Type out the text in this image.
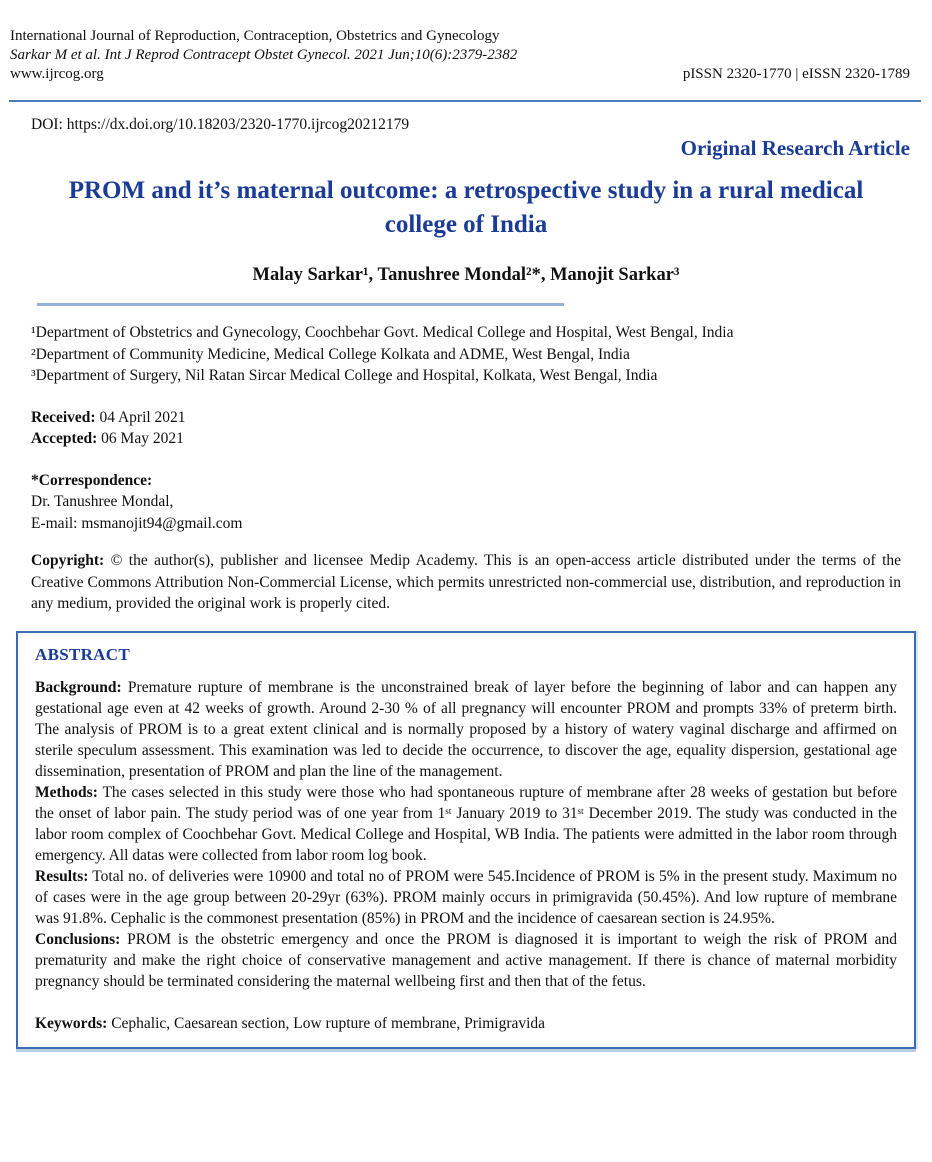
International Journal of Reproduction, Contraception, Obstetrics and Gynecology
Sarkar M et al. Int J Reprod Contracept Obstet Gynecol. 2021 Jun;10(6):2379-2382
www.ijrcog.org	pISSN 2320-1770 | eISSN 2320-1789
DOI: https://dx.doi.org/10.18203/2320-1770.ijrcog20212179
Original Research Article
PROM and it’s maternal outcome: a retrospective study in a rural medical college of India
Malay Sarkar¹, Tanushree Mondal²*, Manojit Sarkar³
¹Department of Obstetrics and Gynecology, Coochbehar Govt. Medical College and Hospital, West Bengal, India
²Department of Community Medicine, Medical College Kolkata and ADME, West Bengal, India
³Department of Surgery, Nil Ratan Sircar Medical College and Hospital, Kolkata, West Bengal, India
Received: 04 April 2021
Accepted: 06 May 2021
*Correspondence:
Dr. Tanushree Mondal,
E-mail: msmanojit94@gmail.com

Copyright: © the author(s), publisher and licensee Medip Academy. This is an open-access article distributed under the terms of the Creative Commons Attribution Non-Commercial License, which permits unrestricted non-commercial use, distribution, and reproduction in any medium, provided the original work is properly cited.

ABSTRACT

Background: Premature rupture of membrane is the unconstrained break of layer before the beginning of labor and can happen any gestational age even at 42 weeks of growth. Around 2-30 % of all pregnancy will encounter PROM and prompts 33% of preterm birth. The analysis of PROM is to a great extent clinical and is normally proposed by a history of watery vaginal discharge and affirmed on sterile speculum assessment. This examination was led to decide the occurrence, to discover the age, equality dispersion, gestational age dissemination, presentation of PROM and plan the line of the management.

Methods: The cases selected in this study were those who had spontaneous rupture of membrane after 28 weeks of gestation but before the onset of labor pain. The study period was of one year from 1ˢᵗ January 2019 to 31ˢᵗ December 2019. The study was conducted in the labor room complex of Coochbehar Govt. Medical College and Hospital, WB India. The patients were admitted in the labor room through emergency. All datas were collected from labor room log book.

Results: Total no. of deliveries were 10900 and total no of PROM were 545.Incidence of PROM is 5% in the present study. Maximum no of cases were in the age group between 20-29yr (63%). PROM mainly occurs in primigravida (50.45%). And low rupture of membrane was 91.8%. Cephalic is the commonest presentation (85%) in PROM and the incidence of caesarean section is 24.95%.

Conclusions: PROM is the obstetric emergency and once the PROM is diagnosed it is important to weigh the risk of PROM and prematurity and make the right choice of conservative management and active management. If there is chance of maternal morbidity pregnancy should be terminated considering the maternal wellbeing first and then that of the fetus.

Keywords: Cephalic, Caesarean section, Low rupture of membrane, Primigravida
